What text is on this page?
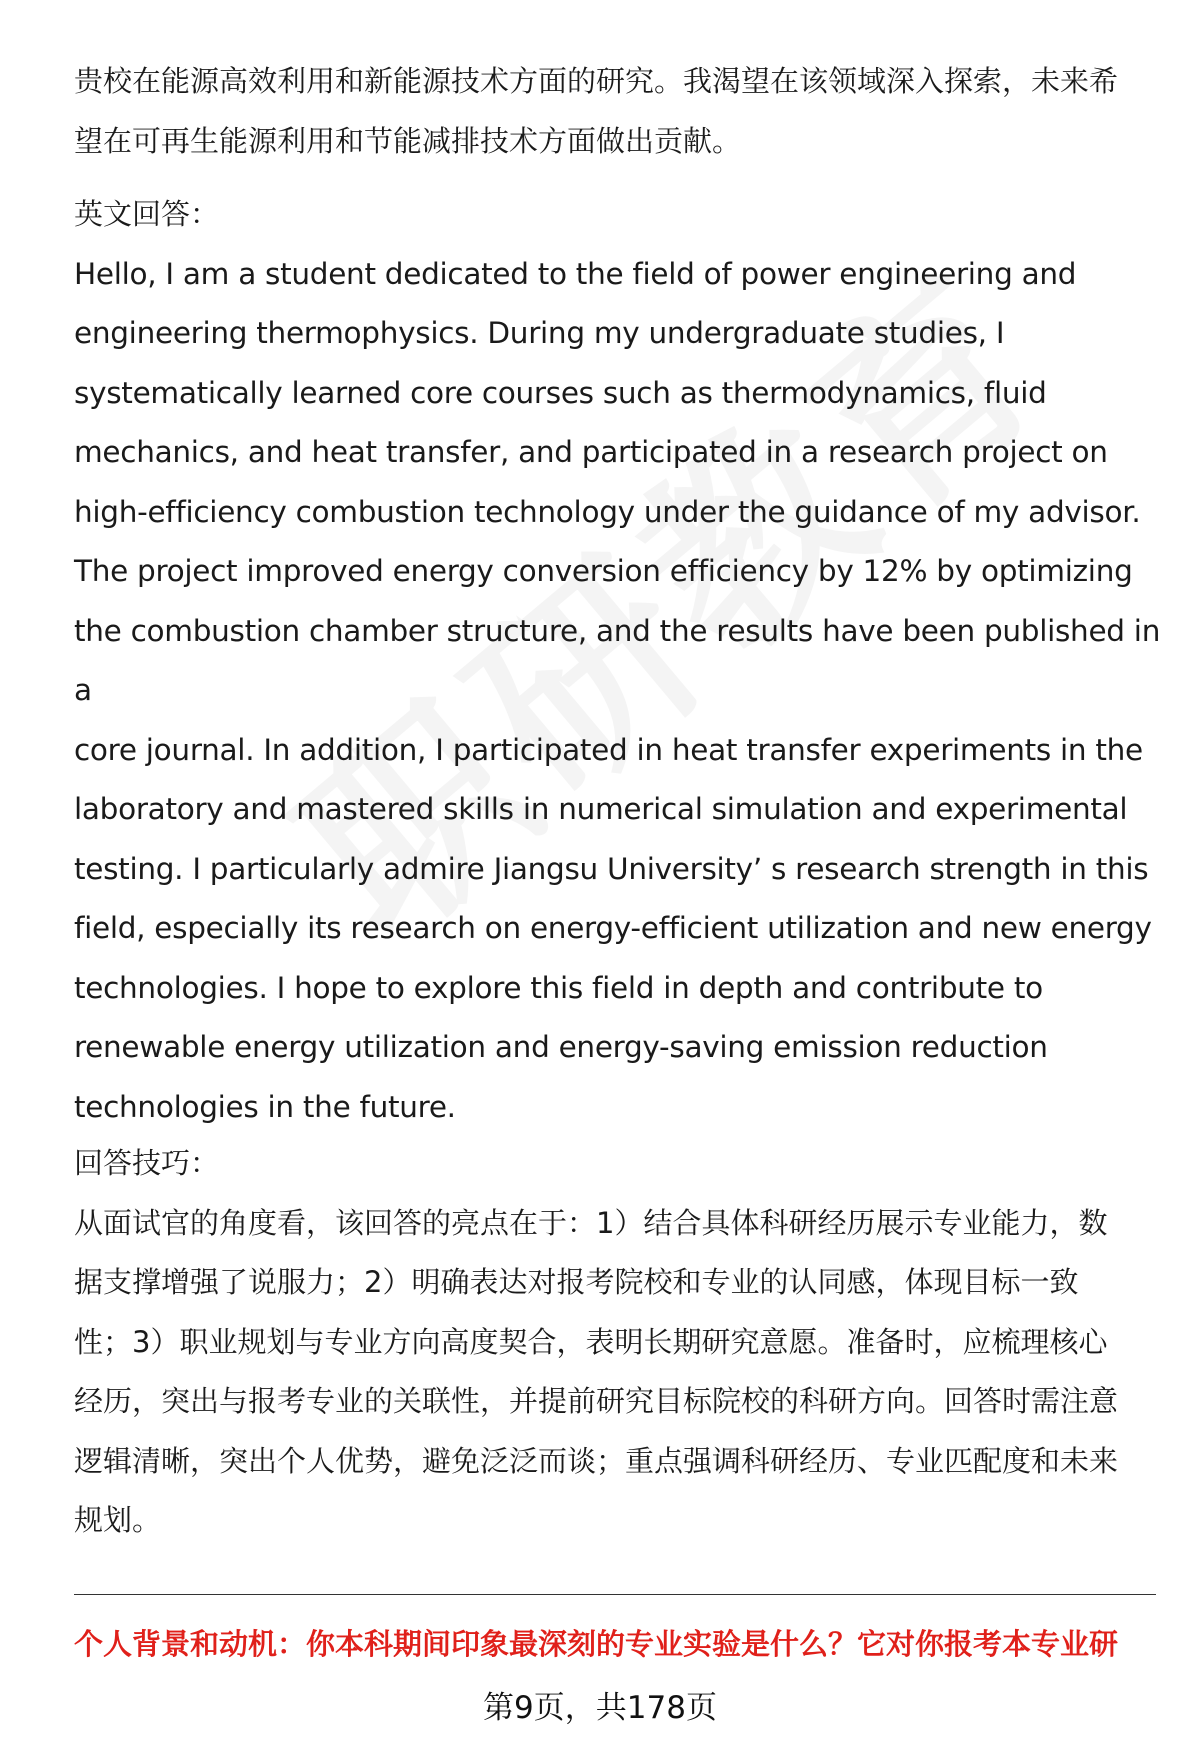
贵校在能源高效利用和新能源技术方面的研究。我渴望在该领域深入探索，未来希
望在可再生能源利用和节能减排技术方面做出贡献。
英文回答：
Hello, I am a student dedicated to the field of power engineering and
engineering thermophysics. During my undergraduate studies, I
systematically learned core courses such as thermodynamics, fluid
mechanics, and heat transfer, and participated in a research project on
high-efficiency combustion technology under the guidance of my advisor.
The project improved energy conversion efficiency by 12% by optimizing
the combustion chamber structure, and the results have been published in a
core journal. In addition, I participated in heat transfer experiments in the
laboratory and mastered skills in numerical simulation and experimental
testing. I particularly admire Jiangsu University’ s research strength in this
field, especially its research on energy-efficient utilization and new energy
technologies. I hope to explore this field in depth and contribute to
renewable energy utilization and energy-saving emission reduction
technologies in the future.
回答技巧：
从面试官的角度看，该回答的亮点在于：1）结合具体科研经历展示专业能力，数
据支撑增强了说服力；2）明确表达对报考院校和专业的认同感，体现目标一致
性；3）职业规划与专业方向高度契合，表明长期研究意愿。准备时，应梳理核心
经历，突出与报考专业的关联性，并提前研究目标院校的科研方向。回答时需注意
逻辑清晰，突出个人优势，避免泛泛而谈；重点强调科研经历、专业匹配度和未来
规划。
个人背景和动机：你本科期间印象最深刻的专业实验是什么？它对你报考本专业研
第9页，共178页
